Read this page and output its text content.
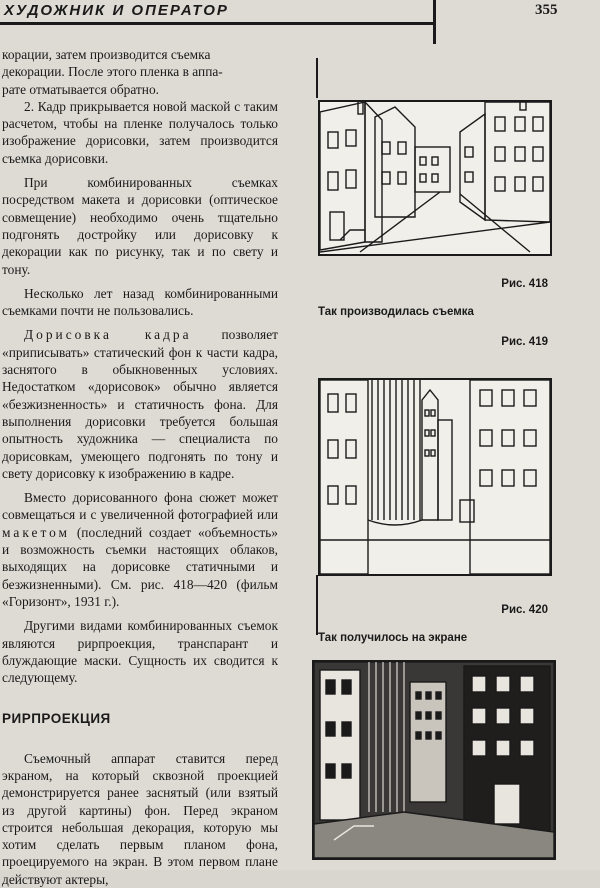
ХУДОЖНИК И ОПЕРАТОР	355

корации, затем производится съемка

декорации. После этого пленка в аппа-

рате отматывается обратно.

2. Кадр прикрывается новой маской с таким расчетом, чтобы на пленке получалось только изображение дорисовки, затем производится съемка дорисовки.

При комбинированных съемках посредством макета и дорисовки (оптическое совмещение) необходимо очень тщательно подгонять достройку или дорисовку к декорации как по рисунку, так и по свету и тону.

Несколько лет назад комбинированными съемками почти не пользовались.

Дорисовка кадра позволяет «приписывать» статический фон к части кадра, заснятого в обыкновенных условиях. Недостатком «дорисовок» обычно является «безжизненность» и статичность фона. Для выполнения дорисовки требуется большая опытность художника — специалиста по дорисовкам, умеющего подгонять по тону и свету дорисовку к изображению в кадре.

Вместо дорисованного фона сюжет может совмещаться и с увеличенной фотографией или макетом (последний создает «объемность» и возможность съемки настоящих облаков, выходящих на дорисовке статичными и безжизненными). См. рис. 418—420 (фильм «Горизонт», 1931 г.).

Другими видами комбинированных съемок являются рирпроекция, транспарант и блуждающие маски. Сущность их сводится к следующему.

РИРПРОЕКЦИЯ

Съемочный аппарат ставится перед экраном, на который сквозной проекцией демонстрируется ранее заснятый (или взятый из другой картины) фон. Перед экраном строится небольшая декорация, которую мы хотим сделать первым планом фона, проецируемого на экран. В этом первом плане действуют актеры,

Рис. 418
Так производилась съемка
Рис. 419
Рис. 420
Так получилось на экране
